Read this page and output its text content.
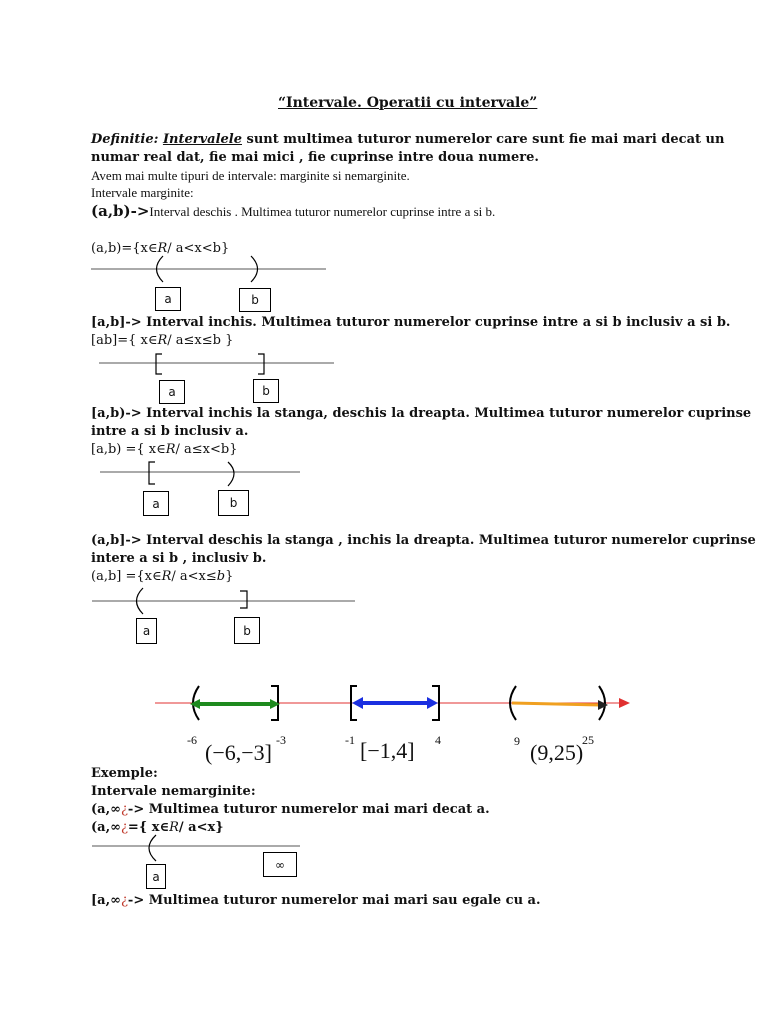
“Intervale. Operatii cu intervale”
Definitie: Intervalele sunt multimea tuturor numerelor care sunt fie mai mari decat un
numar real dat, fie mai mici , fie cuprinse intre doua numere.
Avem mai multe tipuri de intervale: marginite si nemarginite.
Intervale marginite:
(a,b)->Interval deschis . Multimea tuturor numerelor cuprinse intre a si b.
(a,b)={x∈R/ a<x<b}
a	b
[a,b]-> Interval inchis. Multimea tuturor numerelor cuprinse intre a si b inclusiv a si b.
[ab]={ x∈R/ a≤x≤b }
a	b
[a,b)-> Interval inchis la stanga, deschis la dreapta. Multimea tuturor numerelor cuprinse
intre a si b inclusiv a.
[a,b) ={ x∈R/ a≤x<b}
a	b
(a,b]-> Interval deschis la stanga , inchis la dreapta. Multimea tuturor numerelor cuprinse
intere a si b , inclusiv b.
(a,b] ={x∈R/ a<x≤b}
a	b
-6	-3	-1	4	9	25
(−6,−3]	[−1,4]	(9,25)
Exemple:
Intervale nemarginite:
(a,∞¿-> Multimea tuturor numerelor mai mari decat a.
(a,∞¿={ x∈R/ a<x}
a
∞
[a,∞¿-> Multimea tuturor numerelor mai mari sau egale cu a.
